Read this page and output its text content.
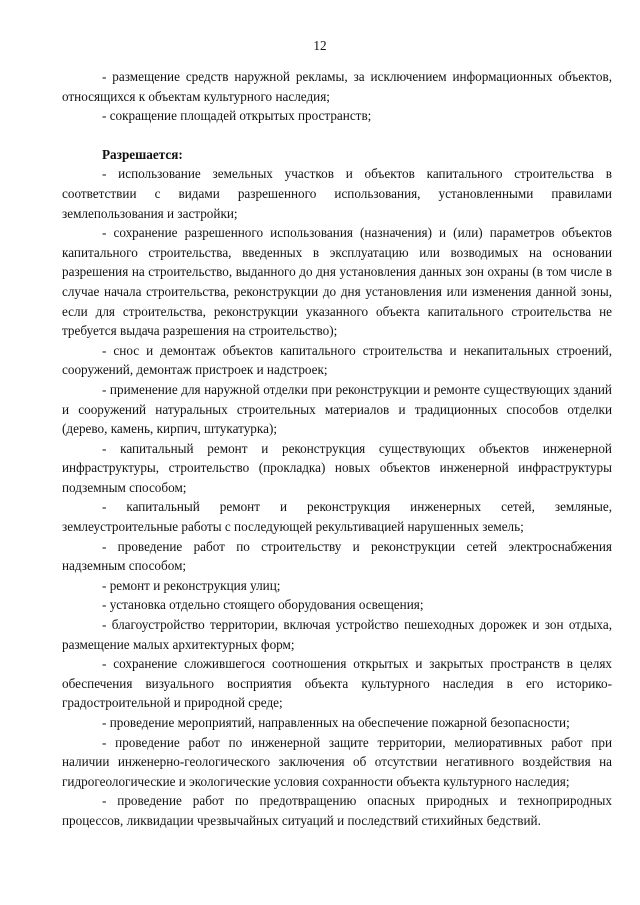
12

- размещение средств наружной рекламы, за исключением информационных объектов, относящихся к объектам культурного наследия;

- сокращение площадей открытых пространств;

Разрешается:

- использование земельных участков и объектов капитального строительства в соответствии с видами разрешенного использования, установленными правилами землепользования и застройки;

- сохранение разрешенного использования (назначения) и (или) параметров объектов капитального строительства, введенных в эксплуатацию или возводимых на основании разрешения на строительство, выданного до дня установления данных зон охраны (в том числе в случае начала строительства, реконструкции до дня установления или изменения данной зоны, если для строительства, реконструкции указанного объекта капитального строительства не требуется выдача разрешения на строительство);

- снос и демонтаж объектов капитального строительства и некапитальных строений, сооружений, демонтаж пристроек и надстроек;

- применение для наружной отделки при реконструкции и ремонте существующих зданий и сооружений натуральных строительных материалов и традиционных способов отделки (дерево, камень, кирпич, штукатурка);

- капитальный ремонт и реконструкция существующих объектов инженерной инфраструктуры, строительство (прокладка) новых объектов инженерной инфраструктуры подземным способом;

- капитальный ремонт и реконструкция инженерных сетей, земляные, землеустроительные работы с последующей рекультивацией нарушенных земель;

- проведение работ по строительству и реконструкции сетей электроснабжения надземным способом;

- ремонт и реконструкция улиц;

- установка отдельно стоящего оборудования освещения;

- благоустройство территории, включая устройство пешеходных дорожек и зон отдыха, размещение малых архитектурных форм;

- сохранение сложившегося соотношения открытых и закрытых пространств в целях обеспечения визуального восприятия объекта культурного наследия в его историко-градостроительной и природной среде;

- проведение мероприятий, направленных на обеспечение пожарной безопасности;

- проведение работ по инженерной защите территории, мелиоративных работ при наличии инженерно-геологического заключения об отсутствии негативного воздействия на гидрогеологические и экологические условия сохранности объекта культурного наследия;

- проведение работ по предотвращению опасных природных и технoприродных процессов, ликвидации чрезвычайных ситуаций и последствий стихийных бедствий.
